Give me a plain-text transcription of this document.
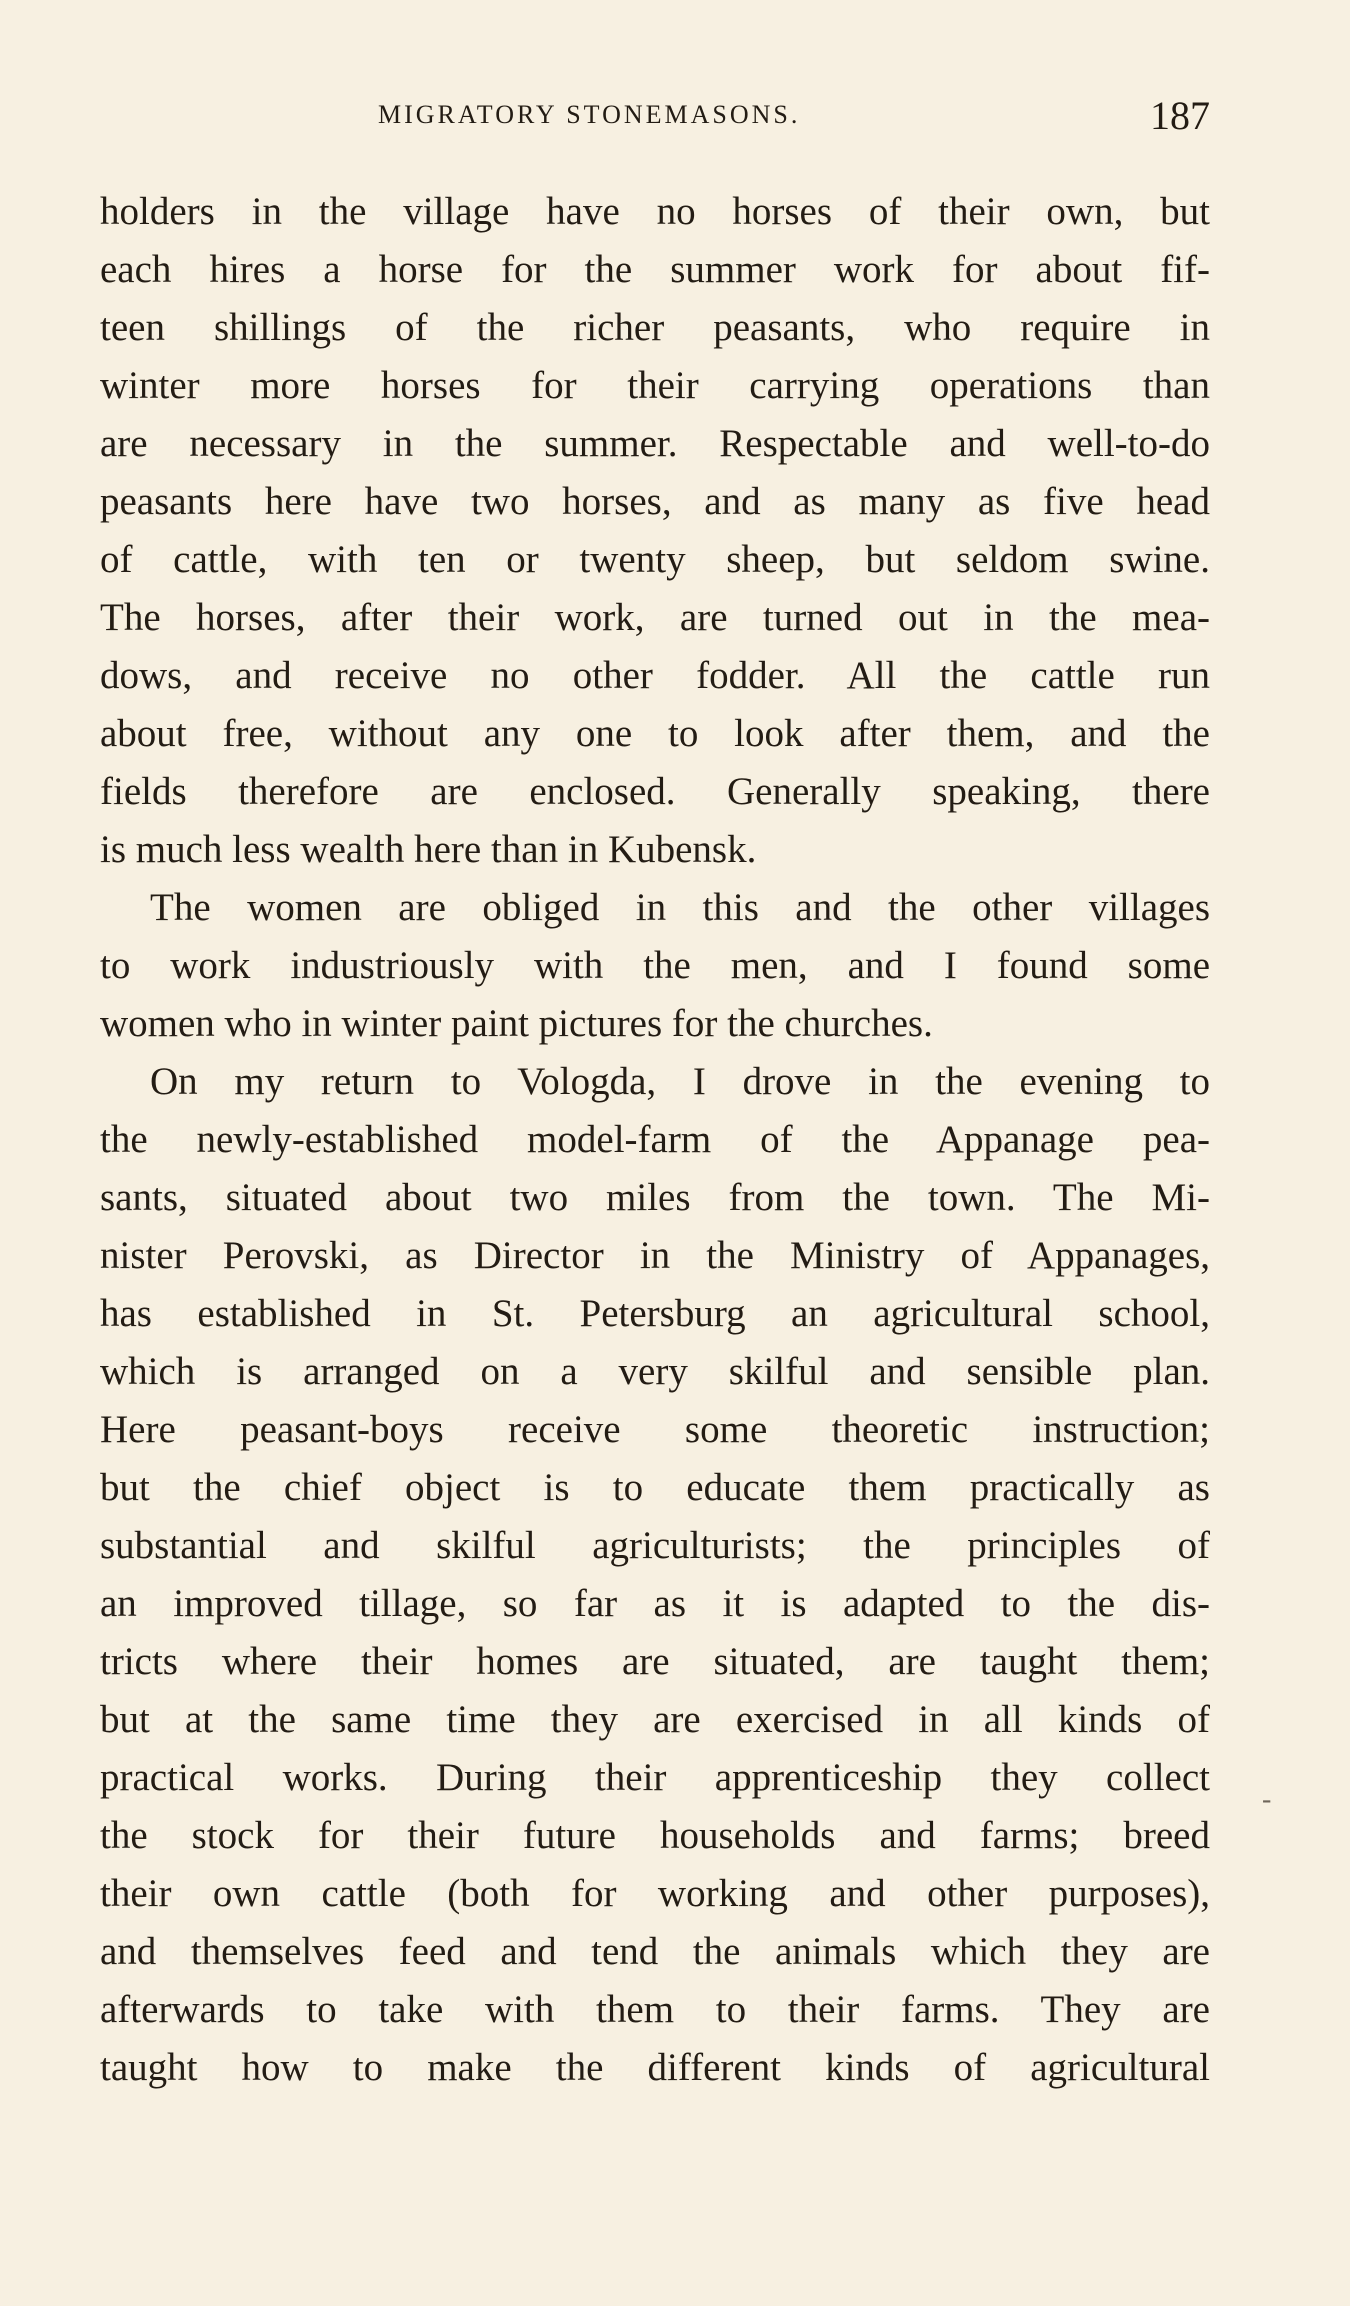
MIGRATORY STONEMASONS.	187
holders in the village have no horses of their own, but
each hires a horse for the summer work for about fif-
teen shillings of the richer peasants, who require in
winter more horses for their carrying operations than
are necessary in the summer. Respectable and well-to-do
peasants here have two horses, and as many as five head
of cattle, with ten or twenty sheep, but seldom swine.
The horses, after their work, are turned out in the mea-
dows, and receive no other fodder. All the cattle run
about free, without any one to look after them, and the
fields therefore are enclosed. Generally speaking, there
is much less wealth here than in Kubensk.
The women are obliged in this and the other villages
to work industriously with the men, and I found some
women who in winter paint pictures for the churches.
On my return to Vologda, I drove in the evening to
the newly-established model-farm of the Appanage pea-
sants, situated about two miles from the town. The Mi-
nister Perovski, as Director in the Ministry of Appanages,
has established in St. Petersburg an agricultural school,
which is arranged on a very skilful and sensible plan.
Here peasant-boys receive some theoretic instruction;
but the chief object is to educate them practically as
substantial and skilful agriculturists; the principles of
an improved tillage, so far as it is adapted to the dis-
tricts where their homes are situated, are taught them;
but at the same time they are exercised in all kinds of
practical works. During their apprenticeship they collect
the stock for their future households and farms; breed
their own cattle (both for working and other purposes),
and themselves feed and tend the animals which they are
afterwards to take with them to their farms. They are
taught how to make the different kinds of agricultural
-
